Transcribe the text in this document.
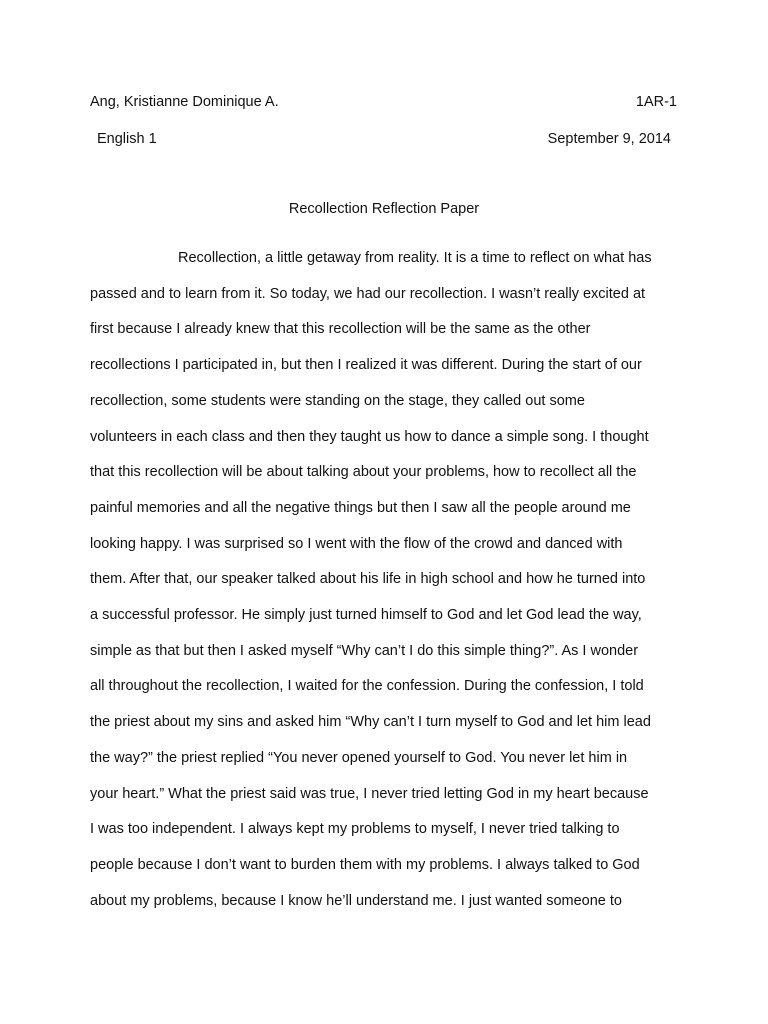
Ang, Kristianne Dominique A.	1AR-1
English 1	September 9, 2014
Recollection Reflection Paper
Recollection, a little getaway from reality. It is a time to reflect on what has
passed and to learn from it. So today, we had our recollection. I wasn’t really excited at
first because I already knew that this recollection will be the same as the other
recollections I participated in, but then I realized it was different. During the start of our
recollection, some students were standing on the stage, they called out some
volunteers in each class and then they taught us how to dance a simple song. I thought
that this recollection will be about talking about your problems, how to recollect all the
painful memories and all the negative things but then I saw all the people around me
looking happy. I was surprised so I went with the flow of the crowd and danced with
them. After that, our speaker talked about his life in high school and how he turned into
a successful professor. He simply just turned himself to God and let God lead the way,
simple as that but then I asked myself “Why can’t I do this simple thing?”. As I wonder
all throughout the recollection, I waited for the confession. During the confession, I told
the priest about my sins and asked him “Why can’t I turn myself to God and let him lead
the way?” the priest replied “You never opened yourself to God. You never let him in
your heart.” What the priest said was true, I never tried letting God in my heart because
I was too independent. I always kept my problems to myself, I never tried talking to
people because I don’t want to burden them with my problems. I always talked to God
about my problems, because I know he’ll understand me. I just wanted someone to
